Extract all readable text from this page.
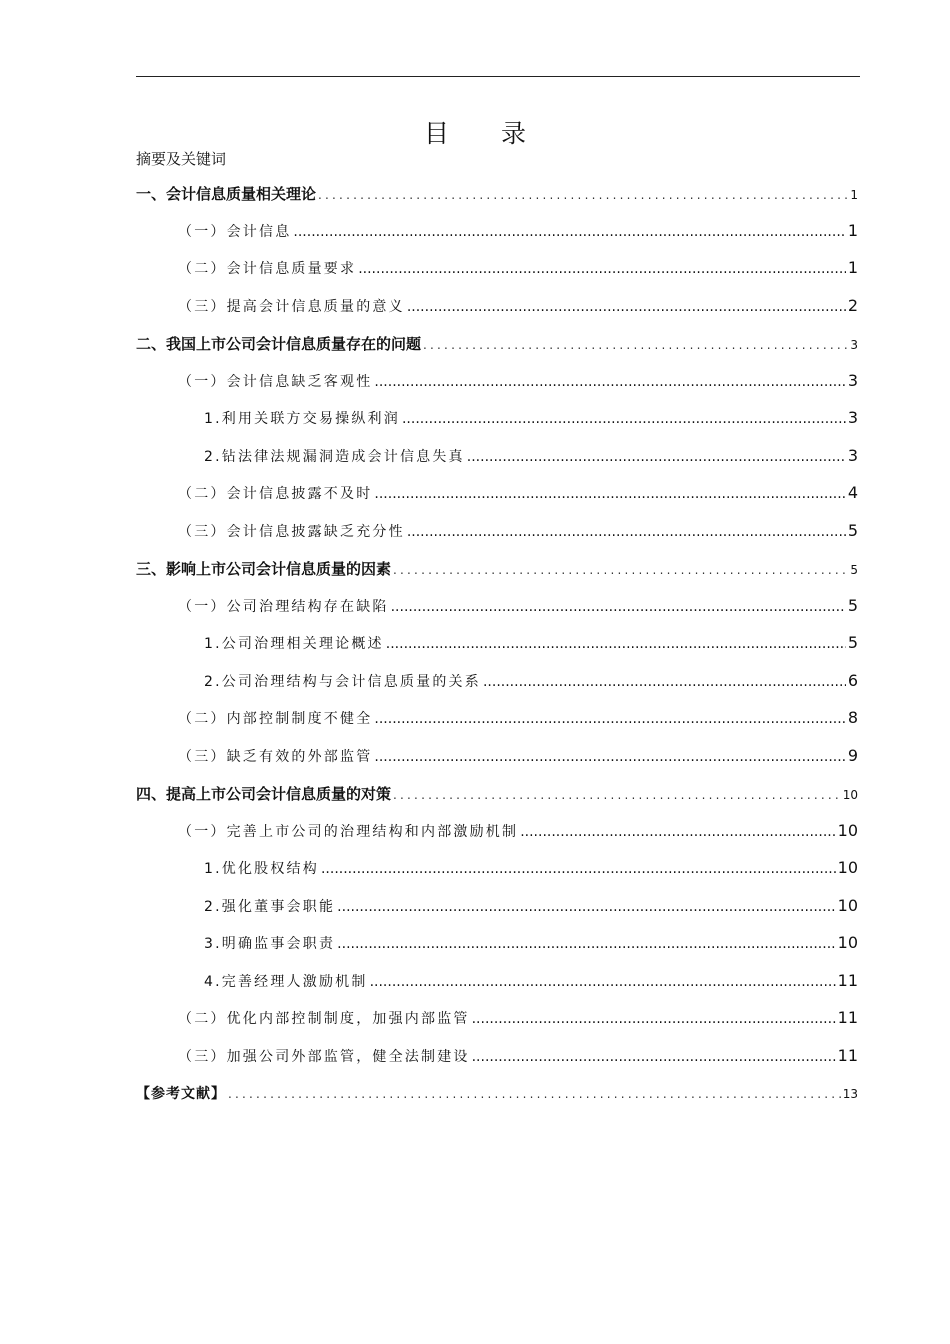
目 录
摘要及关键词
一、会计信息质量相关理论 .....	1
（一）会计信息 .....	1
（二）会计信息质量要求 .....	1
（三）提高会计信息质量的意义 .....	2
二、我国上市公司会计信息质量存在的问题 .....	3
（一）会计信息缺乏客观性 .....	3
1.利用关联方交易操纵利润 .....	3
2.钻法律法规漏洞造成会计信息失真 .....	3
（二）会计信息披露不及时 .....	4
（三）会计信息披露缺乏充分性 .....	5
三、影响上市公司会计信息质量的因素 .....	5
（一）公司治理结构存在缺陷 .....	5
1.公司治理相关理论概述 .....	5
2.公司治理结构与会计信息质量的关系 .....	6
（二）内部控制制度不健全 .....	8
（三）缺乏有效的外部监管 .....	9
四、提高上市公司会计信息质量的对策 .....	10
（一）完善上市公司的治理结构和内部激励机制 .....	10
1.优化股权结构 .....	10
2.强化董事会职能 .....	10
3.明确监事会职责 .....	10
4.完善经理人激励机制 .....	11
（二）优化内部控制制度，加强内部监管 .....	11
（三）加强公司外部监管，健全法制建设 .....	11
【参考文献】 .....	13
